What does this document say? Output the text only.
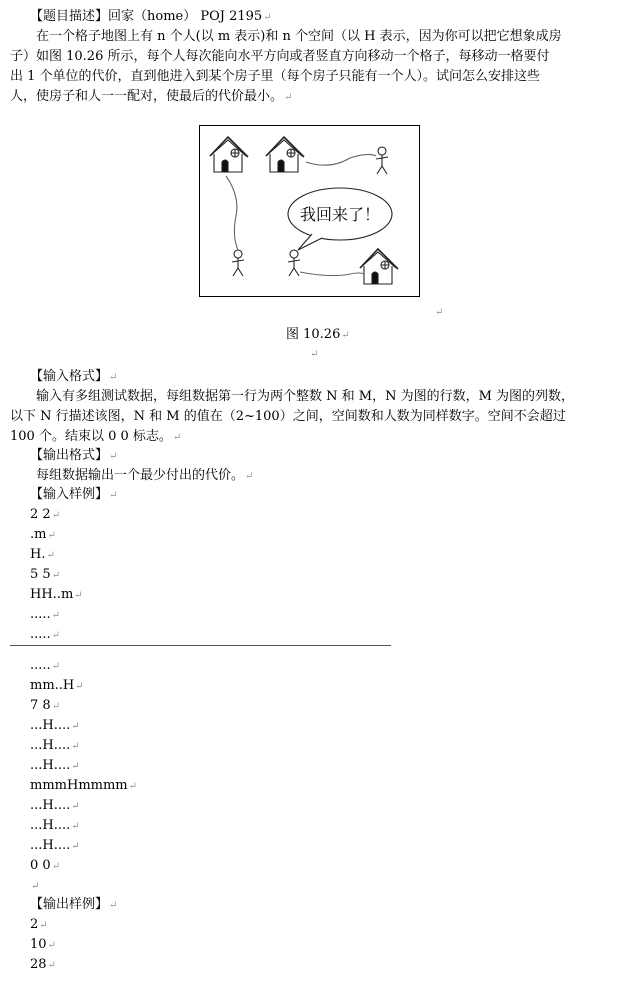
【题目描述】回家（home） POJ 2195↵
在一个格子地图上有 n 个人(以 m 表示)和 n 个空间（以 H 表示，因为你可以把它想象成房
子）如图 10.26 所示，每个人每次能向水平方向或者竖直方向移动一个格子，每移动一格要付
出 1 个单位的代价，直到他进入到某个房子里（每个房子只能有一个人）。试问怎么安排这些
人，使房子和人一一配对，使最后的代价最小。↵
我回来了！
↵
图 10.26↵
↵
【输入格式】↵
输入有多组测试数据，每组数据第一行为两个整数 N 和 M，N 为图的行数，M 为图的列数，
以下 N 行描述该图，N 和 M 的值在（2~100）之间，空间数和人数为同样数字。空间不会超过
100 个。结束以 0 0 标志。↵
【输出格式】↵
每组数据输出一个最少付出的代价。↵
【输入样例】↵
2 2↵
.m↵
H.↵
5 5↵
HH..m↵
.....↵
.....↵
.....↵
mm..H↵
7 8↵
...H....↵
...H....↵
...H....↵
mmmHmmmm↵
...H....↵
...H....↵
...H....↵
0 0↵
↵
【输出样例】↵
2↵
10↵
28↵
